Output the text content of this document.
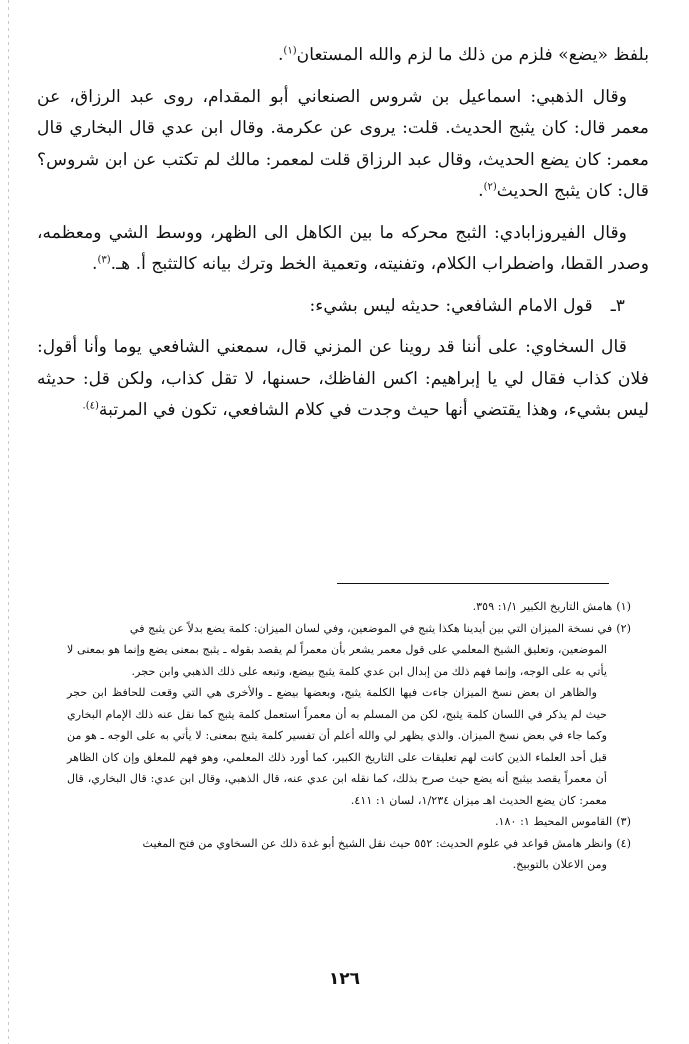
بلفظ «يضع» فلزم من ذلك ما لزم والله المستعان$^{(١)}$.

وقال الذهبي: اسماعيل بن شروس الصنعاني أبو المقدام، روى عبد الرزاق، عن معمر قال: كان يثبج الحديث. قلت: يروى عن عكرمة. وقال ابن عدي قال البخاري قال معمر: كان يضع الحديث، وقال عبد الرزاق قلت لمعمر: مالك لم تكتب عن ابن شروس؟ قال: كان يثبج الحديث$^{(٢)}$.

وقال الفيروزابادي: الثبج محركه ما بين الكاهل الى الظهر، ووسط الشي ومعظمه، وصدر القطا، واضطراب الكلام، وتفنيته، وتعمية الخط وترك بيانه كالتثبج أ. هـ.$^{(٣)}$.

٣ـ
قول الامام الشافعي: حديثه ليس بشيء:

قال السخاوي: على أننا قد روينا عن المزني قال، سمعني الشافعي يوما وأنا أقول: فلان كذاب فقال لي يا إبراهيم: اكس الفاظك، حسنها، لا تقل كذاب، ولكن قل: حديثه ليس بشيء، وهذا يقتضي أنها حيث وجدت في كلام الشافعي، تكون في المرتبة$^{(٤).}$

(١)هامش التاريخ الكبير ١/١: ٣٥٩.

(٢)في نسخة الميزان التي بين أيدينا هكذا يثبج في الموضعين، وفي لسان الميزان: كلمة يضع بدلاً عن يثبج في

الموضعين، وتعليق الشيخ المعلمي على قول معمر يشعر بأن معمراً لم يقصد بقوله ـ يثبج بمعنى يضع وإنما هو بمعنى لا يأتي به على الوجه، وإنما فهم ذلك من إبدال ابن عدي كلمة يثبج بيضع، وتبعه على ذلك الذهبي وابن حجر.

والظاهر ان بعض نسخ الميزان جاءت فيها الكلمة يثبج، وبعضها بيضع ـ والأخرى هي التي وقعت للحافظ ابن حجر حيث لم يذكر في اللسان كلمة يثبج، لكن من المسلم به أن معمراً استعمل كلمة يثبج كما نقل عنه ذلك الإمام البخاري وكما جاء في بعض نسخ الميزان. والذي يظهر لي والله أعلم أن تفسير كلمة يثبج بمعنى: لا يأتي به على الوجه ـ هو من قبل أحد العلماء الذين كانت لهم تعليقات على التاريخ الكبير، كما أورد ذلك المعلمي، وهو فهم للمعلق وإن كان الظاهر أن معمراً يقصد بيثبج أنه يضع حيث صرح بذلك، كما نقله ابن عدي عنه، قال الذهبي، وقال ابن عدي: قال البخاري، قال معمر: كان يضع الحديث اهـ ميزان ١/٢٣٤، لسان ١: ٤١١.

(٣)القاموس المحيط ١: ١٨٠.

(٤)وانظر هامش قواعد في علوم الحديث: ٥٥٢ حيث نقل الشيخ أبو غدة ذلك عن السخاوي من فتح المغيث

ومن الاعلان بالتوبيخ.

١٢٦
